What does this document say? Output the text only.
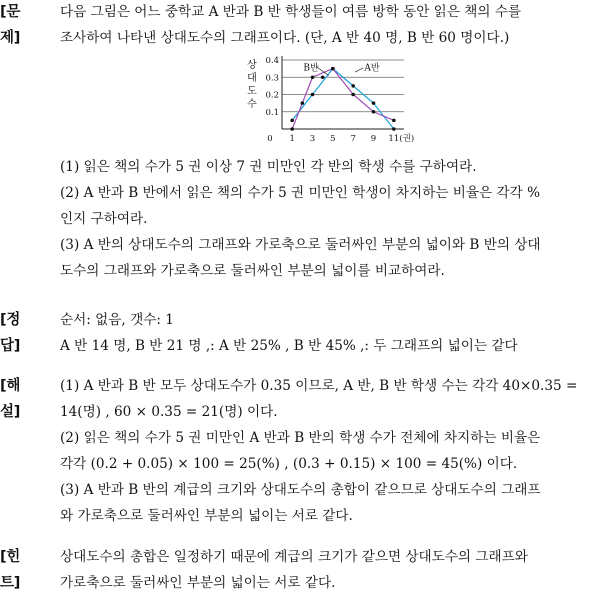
[문제]
다음 그림은 어느 중학교 A 반과 B 반 학생들이 여름 방학 동안 읽은 책의 수를
조사하여 나타낸 상대도수의 그래프이다. (단, A 반 40 명, B 반 60 명이다.)
0.1
0.2
0.3
0.4
0 1 3 5 7 9 11 (권)
상
대
도
수
B반	A반
(1) 읽은 책의 수가 5 권 이상 7 권 미만인 각 반의 학생 수를 구하여라.
(2) A 반과 B 반에서 읽은 책의 수가 5 권 미만인 학생이 차지하는 비율은 각각 %
인지 구하여라.
(3) A 반의 상대도수의 그래프와 가로축으로 둘러싸인 부분의 넓이와 B 반의 상대
도수의 그래프와 가로축으로 둘러싸인 부분의 넓이를 비교하여라.
[정답]
순서: 없음, 갯수: 1
A 반 14 명, B 반 21 명 ,: A 반 25% , B 반 45% ,: 두 그래프의 넓이는 같다
[해설]
(1) A 반과 B 반 모두 상대도수가 0.35 이므로, A 반, B 반 학생 수는 각각 40×0.35 =
14(명) , 60 × 0.35 = 21(명) 이다.
(2) 읽은 책의 수가 5 권 미만인 A 반과 B 반의 학생 수가 전체에 차지하는 비율은
각각 (0.2 + 0.05) × 100 = 25(%) , (0.3 + 0.15) × 100 = 45(%) 이다.
(3) A 반과 B 반의 계급의 크기와 상대도수의 총합이 같으므로 상대도수의 그래프
와 가로축으로 둘러싸인 부분의 넓이는 서로 같다.
[힌트]
상대도수의 총합은 일정하기 때문에 계급의 크기가 같으면 상대도수의 그래프와
가로축으로 둘러싸인 부분의 넓이는 서로 같다.
